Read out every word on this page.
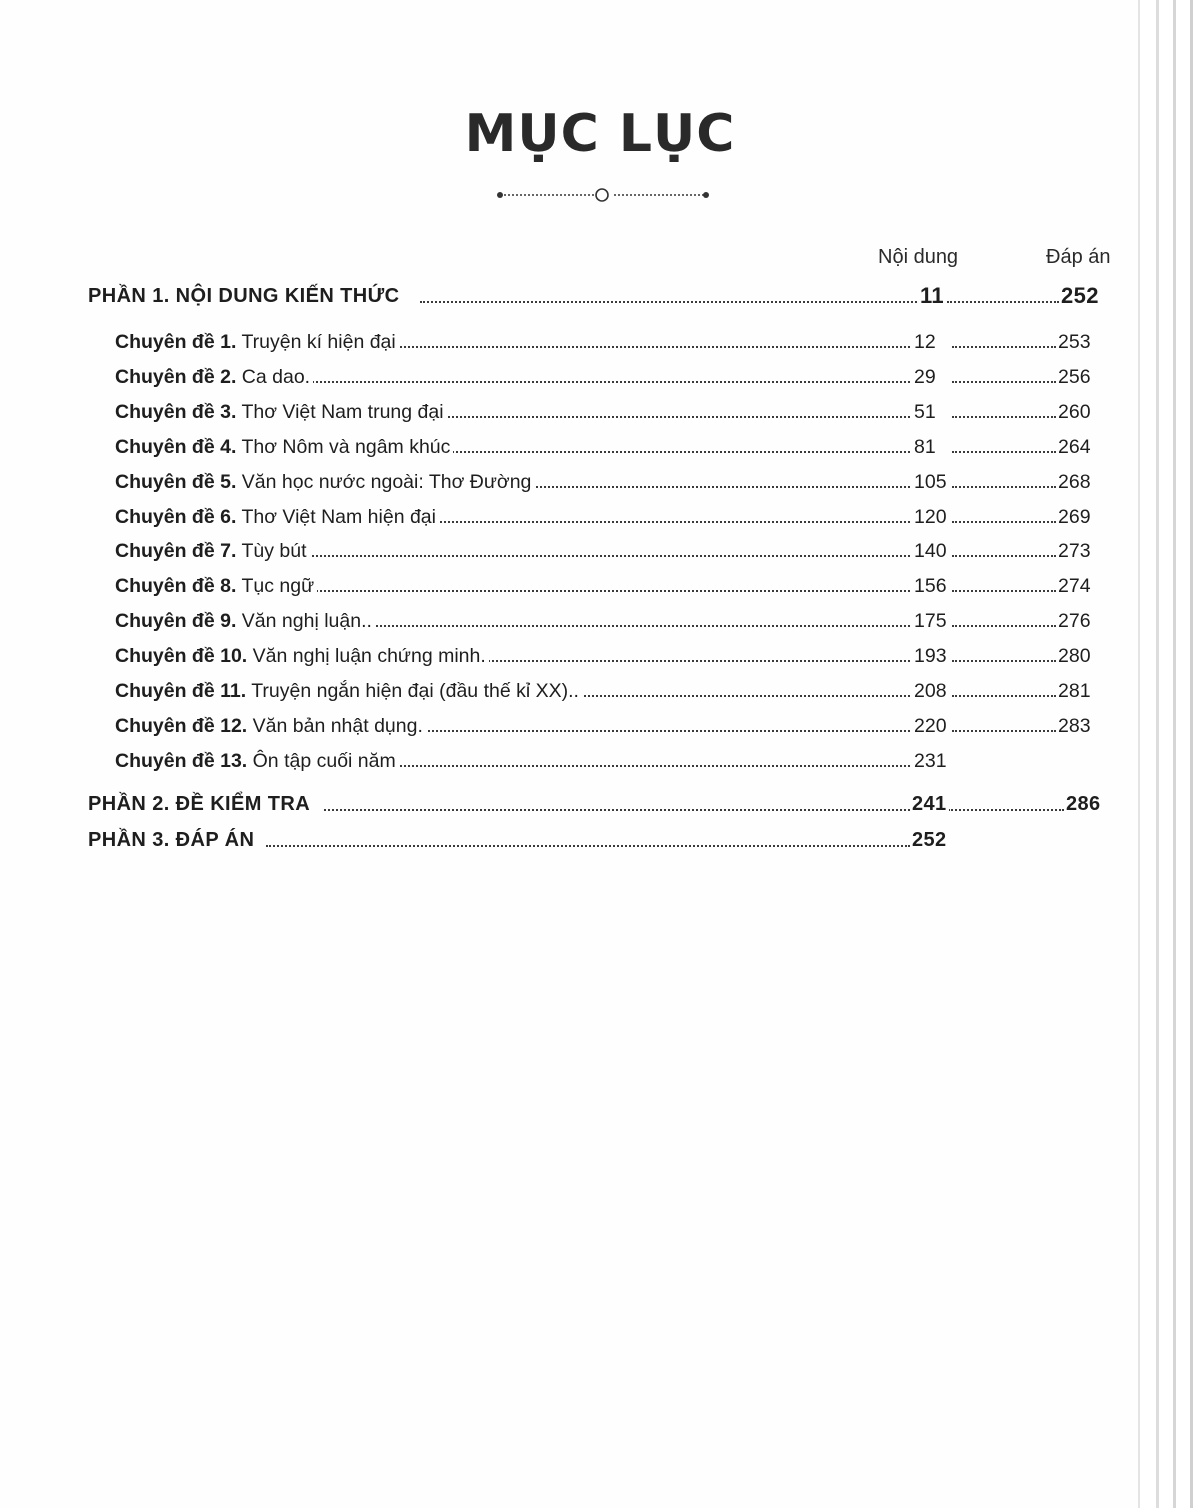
MỤC LỤC
Nội dung	Đáp án
PHẦN 1. NỘI DUNG KIẾN THỨC	11	252
Chuyên đề 1. Truyện kí hiện đại	12	253
Chuyên đề 2. Ca dao.	29	256
Chuyên đề 3. Thơ Việt Nam trung đại	51	260
Chuyên đề 4. Thơ Nôm và ngâm khúc	81	264
Chuyên đề 5. Văn học nước ngoài: Thơ Đường	105	268
Chuyên đề 6. Thơ Việt Nam hiện đại	120	269
Chuyên đề 7. Tùy bút	140	273
Chuyên đề 8. Tục ngữ	156	274
Chuyên đề 9. Văn nghị luận..	175	276
Chuyên đề 10. Văn nghị luận chứng minh.	193	280
Chuyên đề 11. Truyện ngắn hiện đại (đầu thế kỉ XX)..	208	281
Chuyên đề 12. Văn bản nhật dụng.	220	283
Chuyên đề 13. Ôn tập cuối năm	231
PHẦN 2. ĐỀ KIỂM TRA	241	286
PHẦN 3. ĐÁP ÁN	252
